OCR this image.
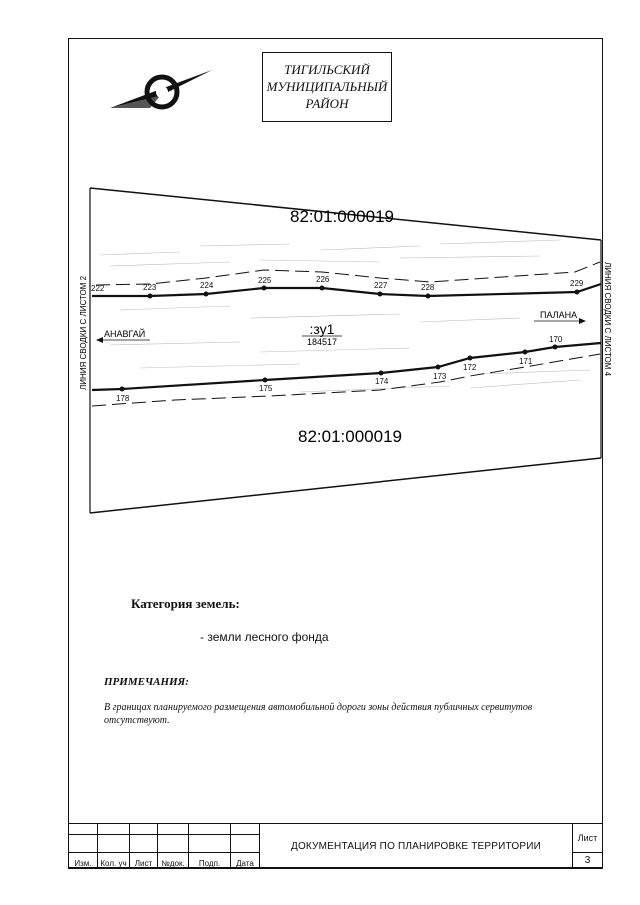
222	223	224
225	226
227	228	229
178
175
174
173
172
171
170
82:01:000019
82:01:000019
:зу1
184517
АНАВГАЙ
ПАЛАНА
ЛИНИЯ СВОДКИ С ЛИСТОМ 2	ЛИНИЯ СВОДКИ С ЛИСТОМ 4
ТИГИЛЬСКИЙ
МУНИЦИПАЛЬНЫЙ
РАЙОН
Категория земель:
- земли лесного фонда
ПРИМЕЧАНИЯ:
В границах планируемого размещения автомобильной дороги зоны действия публичных сервитутов отсутствуют.
						ДОКУМЕНТАЦИЯ ПО ПЛАНИРОВКЕ ТЕРРИТОРИИ	Лист

Изм.	Кол. уч	Лист	№док.	Подп.	Дата		3
